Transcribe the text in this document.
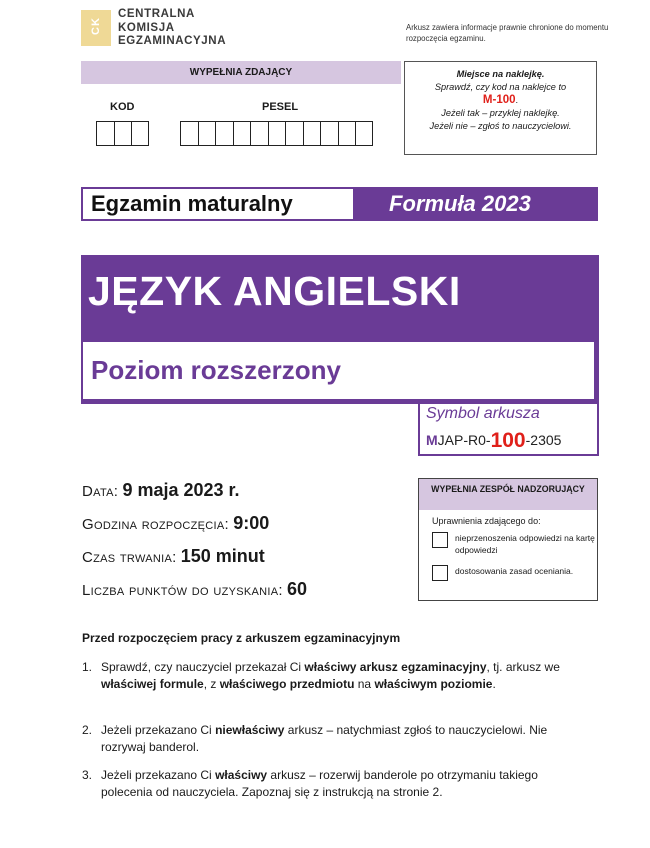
CK
CENTRALNA
KOMISJA
EGZAMINACYJNA
Arkusz zawiera informacje prawnie chronione do momentu rozpoczęcia egzaminu.
WYPEŁNIA ZDAJĄCY
KOD	PESEL
Miejsce na naklejkę.
Sprawdź, czy kod na naklejce to
M-100.
Jeżeli tak – przyklej naklejkę.
Jeżeli nie – zgłoś to nauczycielowi.
Egzamin maturalny	Formuła 2023
JĘZYK ANGIELSKI
Poziom rozszerzony
Symbol arkusza
MJAP-R0-100-2305
Data: 9 maja 2023 r.
Godzina rozpoczęcia: 9:00
Czas trwania: 150 minut
Liczba punktów do uzyskania: 60
WYPEŁNIA ZESPÓŁ NADZORUJĄCY
Uprawnienia zdającego do:
nieprzenoszenia odpowiedzi na kartę odpowiedzi
dostosowania zasad oceniania.
Przed rozpoczęciem pracy z arkuszem egzaminacyjnym
1. Sprawdź, czy nauczyciel przekazał Ci właściwy arkusz egzaminacyjny, tj. arkusz we właściwej formule, z właściwego przedmiotu na właściwym poziomie.
2. Jeżeli przekazano Ci niewłaściwy arkusz – natychmiast zgłoś to nauczycielowi. Nie rozrywaj banderol.
3. Jeżeli przekazano Ci właściwy arkusz – rozerwij banderole po otrzymaniu takiego polecenia od nauczyciela. Zapoznaj się z instrukcją na stronie 2.
